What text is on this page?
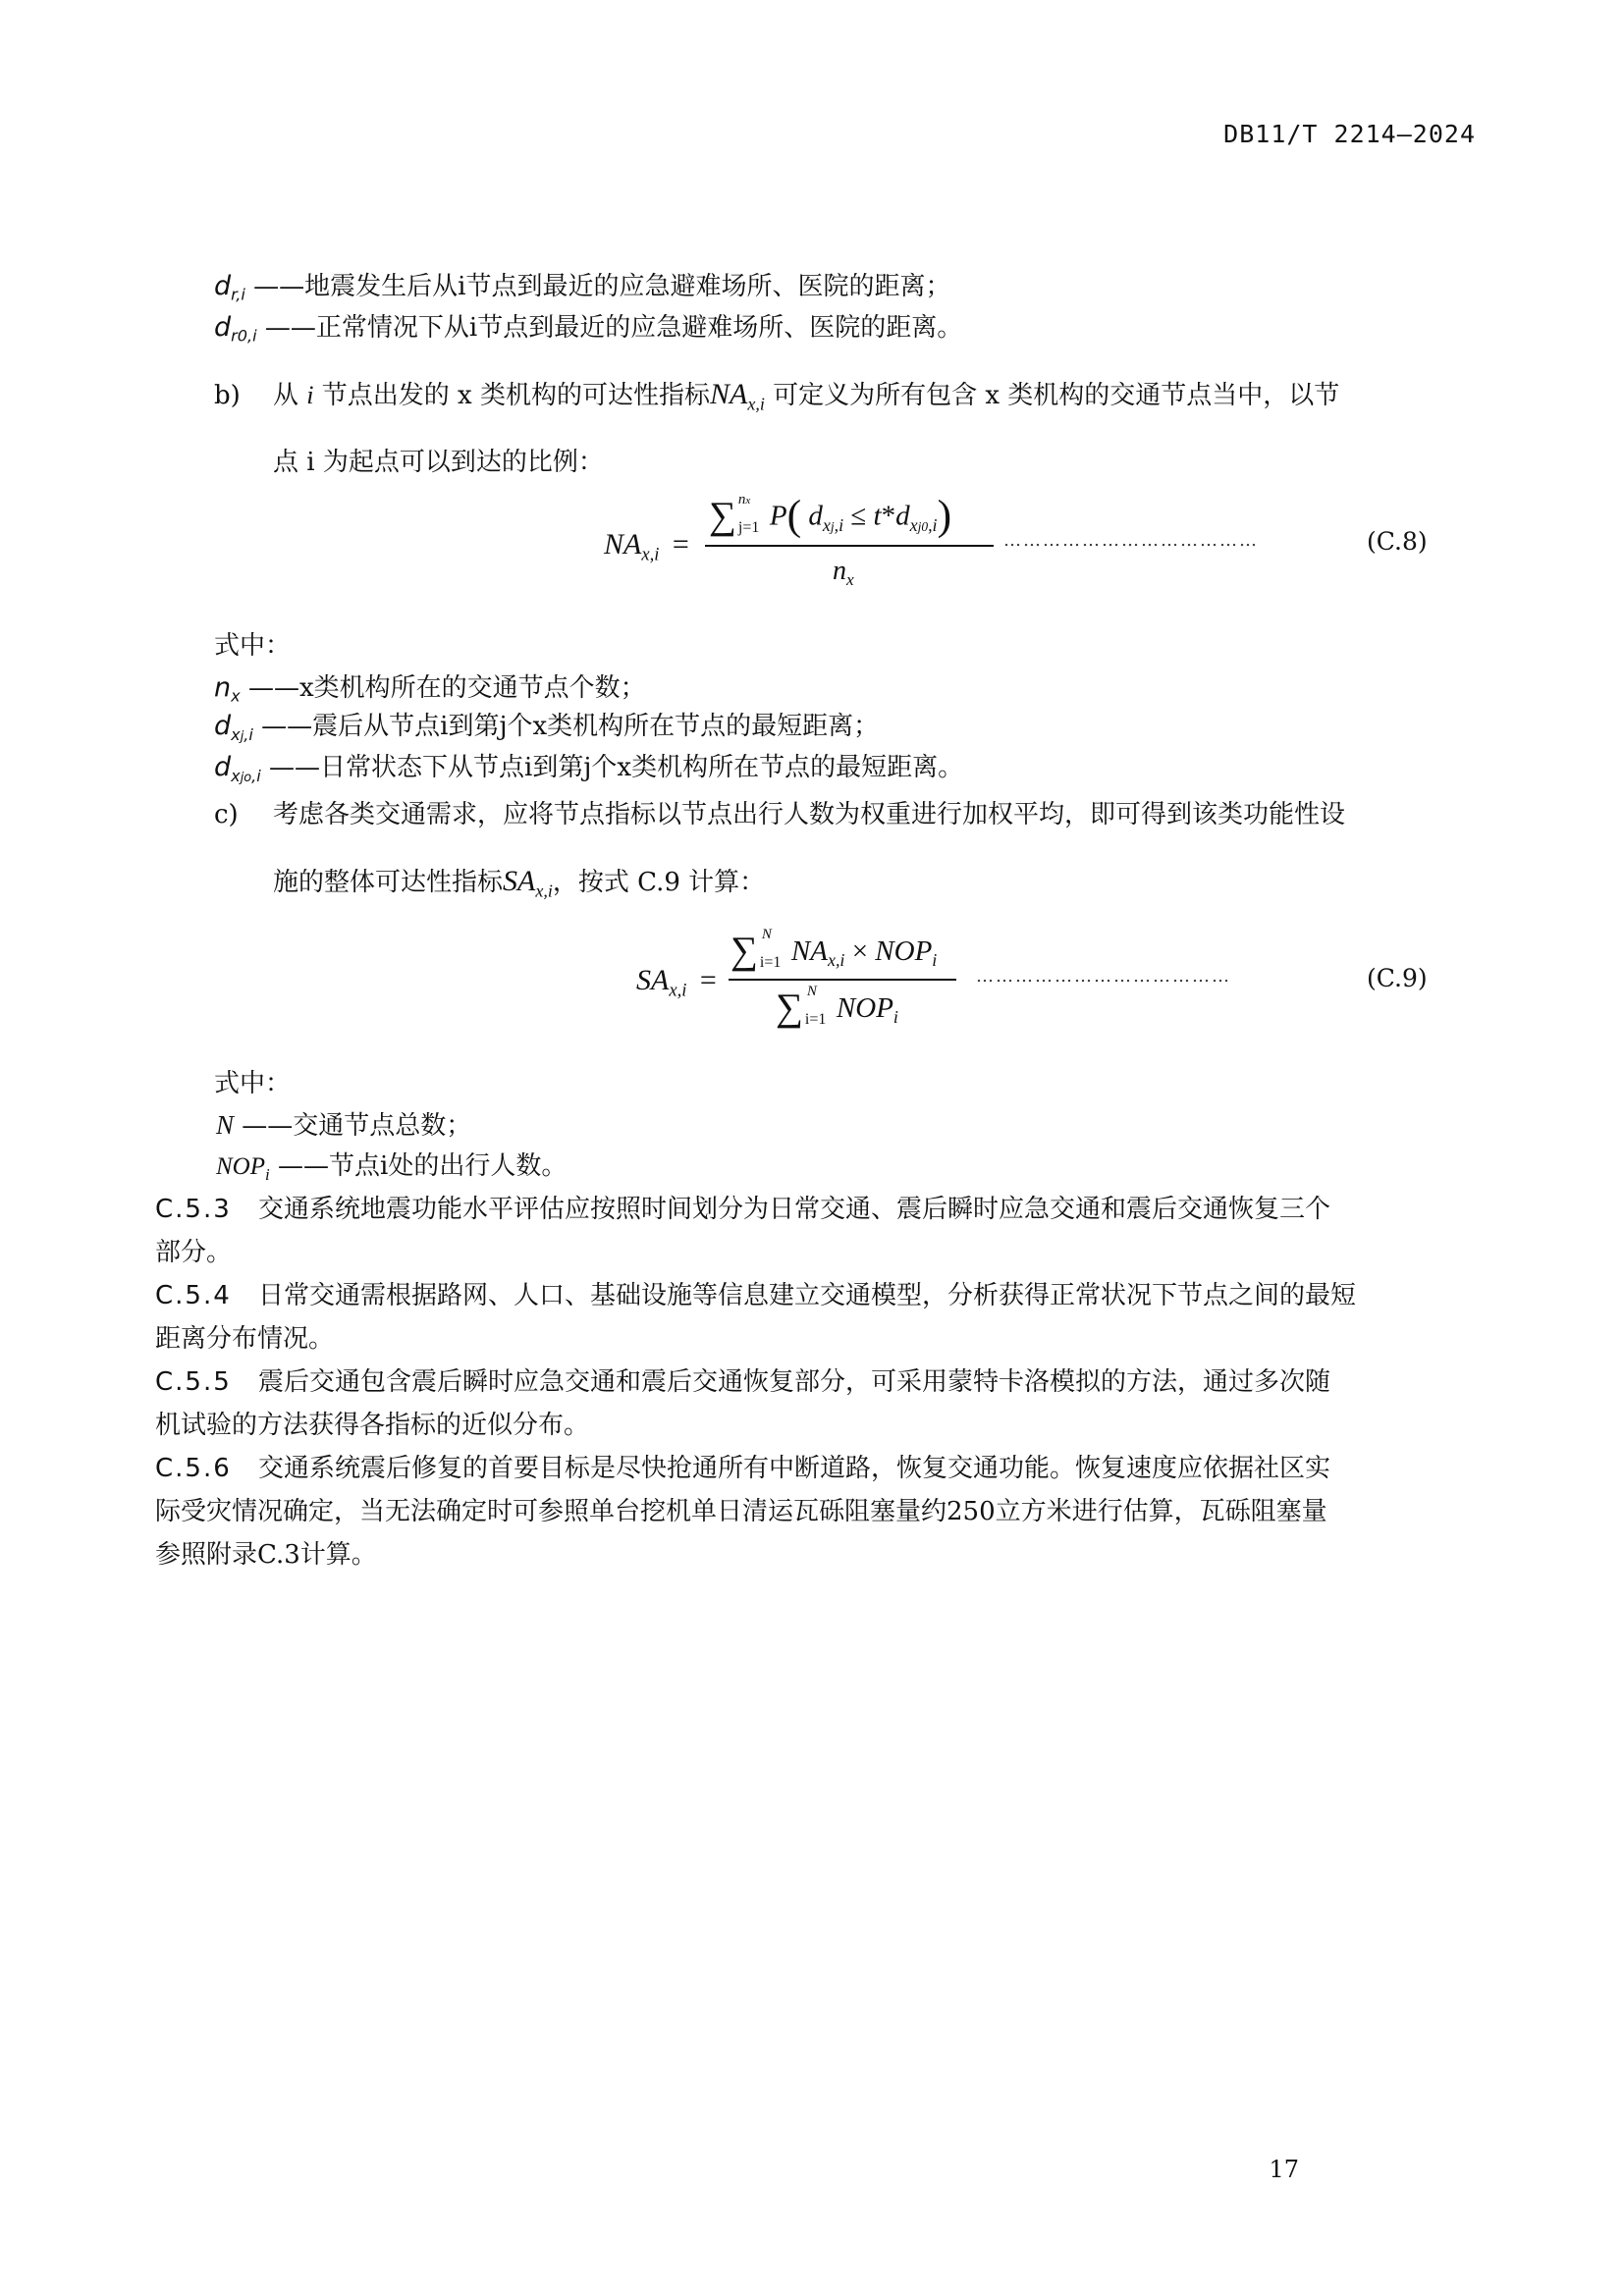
DB11/T 2214—2024
$d_{r,i}$ ——地震发生后从i节点到最近的应急避难场所、医院的距离；
$d_{r0,i}$ ——正常情况下从i节点到最近的应急避难场所、医院的距离。
b) 从 i 节点出发的 x 类机构的可达性指标$NA_{x,i}$ 可定义为所有包含 x 类机构的交通节点当中，以节
点 i 为起点可以到达的比例：
$NA_{x,i}$ =
∑ nx
j=1 P( $d_{xj,i} \le t*d_{xj0,i}$)
$n_x$
…………………………………	(C.8)
式中：
$n_x$ ——x类机构所在的交通节点个数；
$d_{xj,i}$ ——震后从节点i到第j个x类机构所在节点的最短距离；
$d_{xjo,i}$ ——日常状态下从节点i到第j个x类机构所在节点的最短距离。
c) 考虑各类交通需求，应将节点指标以节点出行人数为权重进行加权平均，即可得到该类功能性设
施的整体可达性指标$SA_{x,i}$，按式 C.9 计算：
$SA_{x,i}$ =
∑ N
i=1 $NA_{x,i} \times NOP_i$
∑ N
i=1 $NOP_i$
…………………………………	(C.9)
式中：
N ——交通节点总数；
$NOP_i$ ——节点i处的出行人数。
C.5.3 交通系统地震功能水平评估应按照时间划分为日常交通、震后瞬时应急交通和震后交通恢复三个
部分。
C.5.4 日常交通需根据路网、人口、基础设施等信息建立交通模型，分析获得正常状况下节点之间的最短
距离分布情况。
C.5.5 震后交通包含震后瞬时应急交通和震后交通恢复部分，可采用蒙特卡洛模拟的方法，通过多次随
机试验的方法获得各指标的近似分布。
C.5.6 交通系统震后修复的首要目标是尽快抢通所有中断道路，恢复交通功能。恢复速度应依据社区实
际受灾情况确定，当无法确定时可参照单台挖机单日清运瓦砾阻塞量约250立方米进行估算，瓦砾阻塞量
参照附录C.3计算。
17
